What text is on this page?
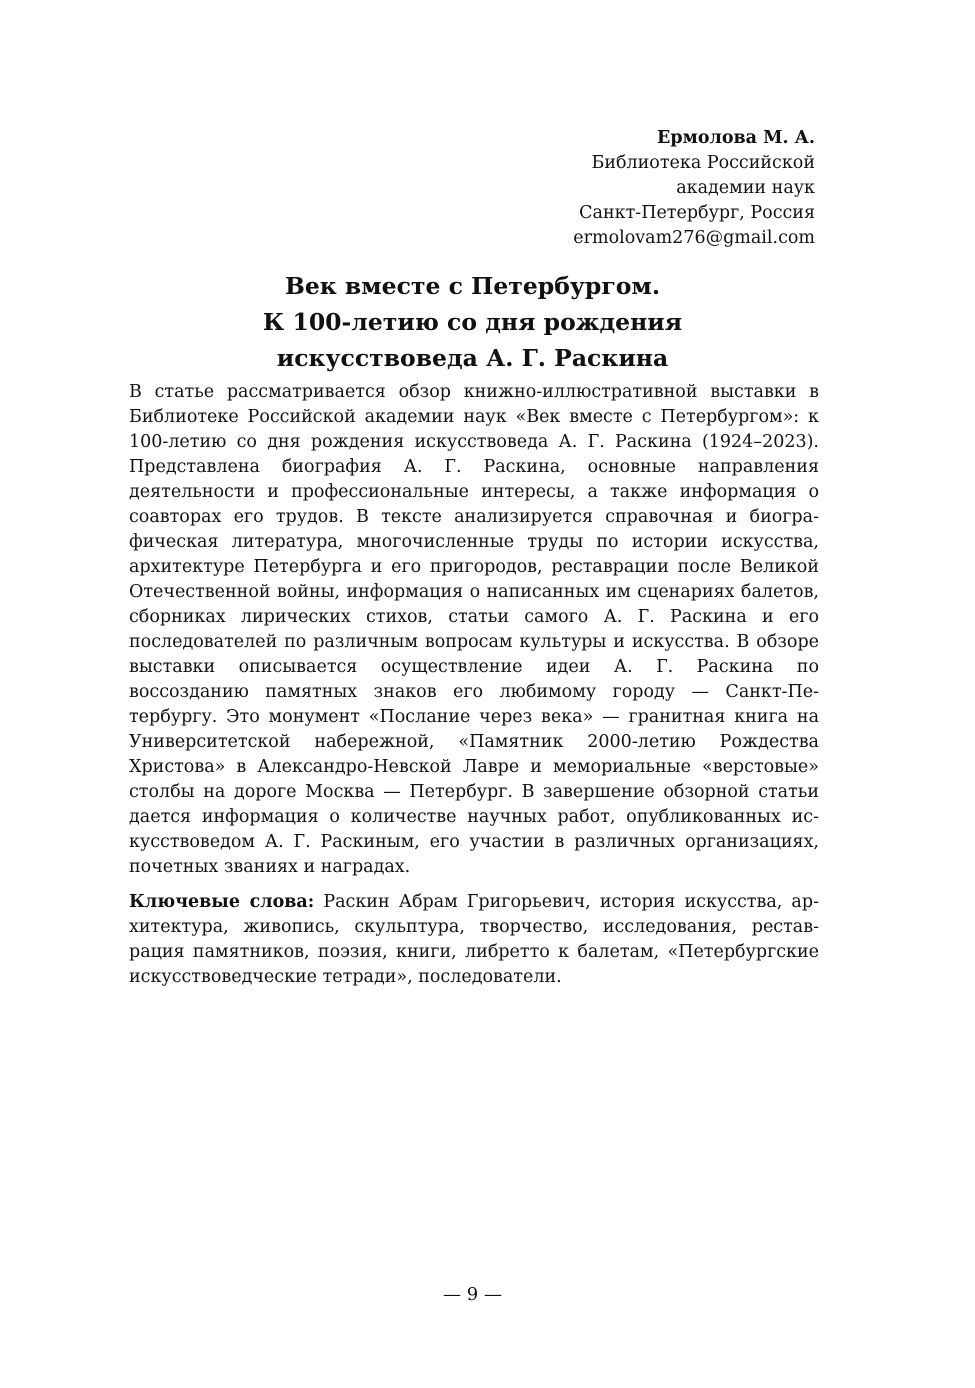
Ермолова М. А.
Библиотека Российской
академии наук
Санкт-Петербург, Россия
ermolovam276@gmail.com
Век вместе с Петербургом.
К 100-летию со дня рождения
искусствоведа А. Г. Раскина

В статье рассматривается обзор книжно-иллюстративной выставки в Библиотеке Российской академии наук «Век вместе с Петербургом»: к 100-летию со дня рождения искусствоведа А. Г. Раскина (1924–2023). Представлена биография А. Г. Раскина, основные направления деятельности и профессиональные интересы, а также информация о соавторах его трудов. В тексте анализируется справочная и биографическая литература, многочисленные труды по истории искусства, архитектуре Петербурга и его пригородов, реставрации после Великой Отечественной войны, информация о написанных им сценариях балетов, сборниках лирических стихов, статьи самого А. Г. Раскина и его последователей по различным вопросам культуры и искусства. В обзоре выставки описывается осуществление идеи А. Г. Раскина по воссозданию памятных знаков его любимому городу — Санкт-Петербургу. Это монумент «Послание через века» — гранитная книга на Университетской набережной, «Памятник 2000-летию Рождества Христова» в Александро-Невской Лавре и мемориальные «верстовые» столбы на дороге Москва — Петербург. В завершение обзорной статьи дается информация о количестве научных работ, опубликованных искусствоведом А. Г. Раскиным, его участии в различных организациях, почетных званиях и наградах.

Ключевые слова: Раскин Абрам Григорьевич, история искусства, архитектура, живопись, скульптура, творчество, исследования, реставрация памятников, поэзия, книги, либретто к балетам, «Петербургские искусствоведческие тетради», последователи.

— 9 —
